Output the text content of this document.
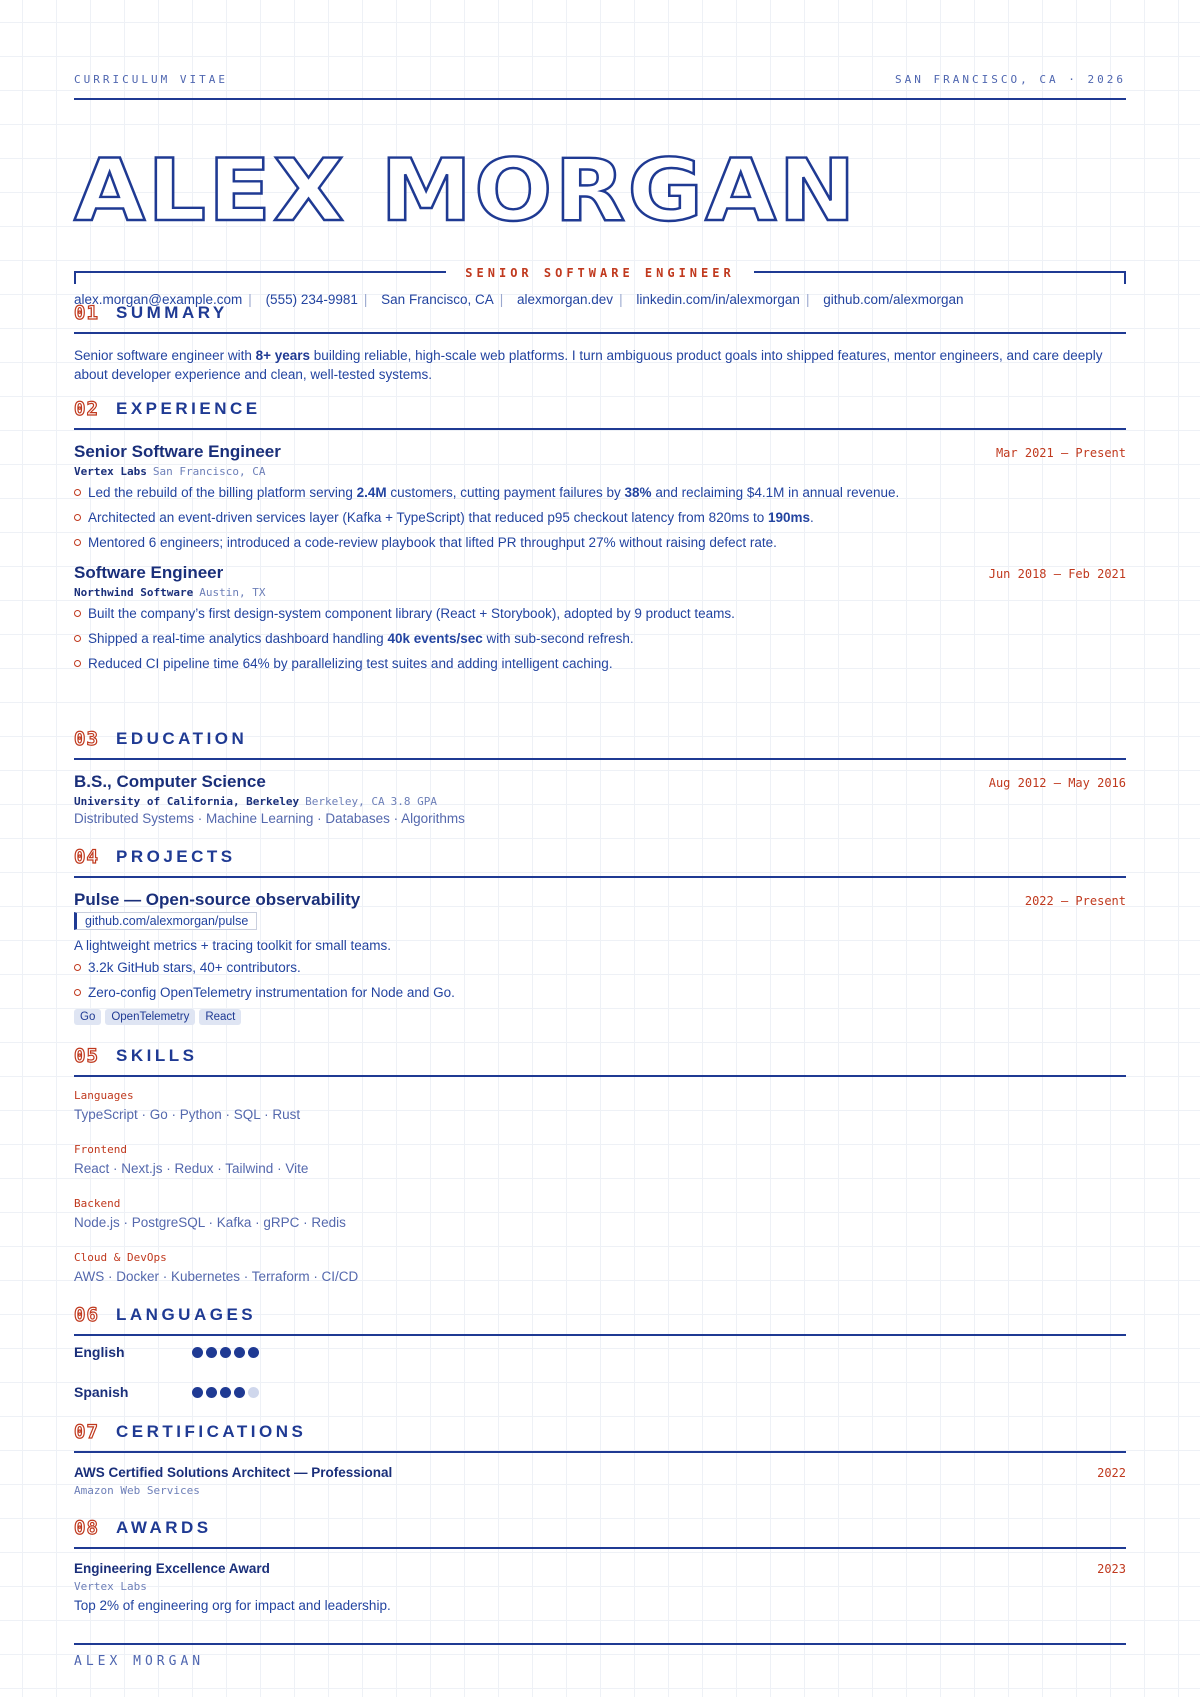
CURRICULUM VITAE	SAN FRANCISCO, CA · 2026
ALEX MORGAN
SENIOR SOFTWARE ENGINEER
alex.morgan@example.com | (555) 234-9981 | San Francisco, CA | alexmorgan.dev | linkedin.com/in/alexmorgan | github.com/alexmorgan
01 SUMMARY
Senior software engineer with 8+ years building reliable, high-scale web platforms. I turn ambiguous product goals into shipped features, mentor engineers, and care deeply about developer experience and clean, well-tested systems.
02 EXPERIENCE
Mar 2021 — Present
Senior Software Engineer
Vertex Labs San Francisco, CA
Led the rebuild of the billing platform serving 2.4M customers, cutting payment failures by 38% and reclaiming $4.1M in annual revenue.
Architected an event-driven services layer (Kafka + TypeScript) that reduced p95 checkout latency from 820ms to 190ms.
Mentored 6 engineers; introduced a code-review playbook that lifted PR throughput 27% without raising defect rate.
Jun 2018 — Feb 2021
Software Engineer
Northwind Software Austin, TX
Built the company’s first design-system component library (React + Storybook), adopted by 9 product teams.
Shipped a real-time analytics dashboard handling 40k events/sec with sub-second refresh.
Reduced CI pipeline time 64% by parallelizing test suites and adding intelligent caching.
03 EDUCATION
Aug 2012 — May 2016
B.S., Computer Science
University of California, Berkeley Berkeley, CA 3.8 GPA
Distributed Systems · Machine Learning · Databases · Algorithms
04 PROJECTS
2022 — Present
Pulse — Open-source observability
github.com/alexmorgan/pulse
A lightweight metrics + tracing toolkit for small teams.
3.2k GitHub stars, 40+ contributors.
Zero-config OpenTelemetry instrumentation for Node and Go.
Go OpenTelemetry React
05 SKILLS
Languages
TypeScript · Go · Python · SQL · Rust
Frontend
React · Next.js · Redux · Tailwind · Vite
Backend
Node.js · PostgreSQL · Kafka · gRPC · Redis
Cloud & DevOps
AWS · Docker · Kubernetes · Terraform · CI/CD
06 LANGUAGES
English
Spanish
07 CERTIFICATIONS
2022
AWS Certified Solutions Architect — Professional
Amazon Web Services
08 AWARDS
2023
Engineering Excellence Award
Vertex Labs
Top 2% of engineering org for impact and leadership.
ALEX MORGAN
